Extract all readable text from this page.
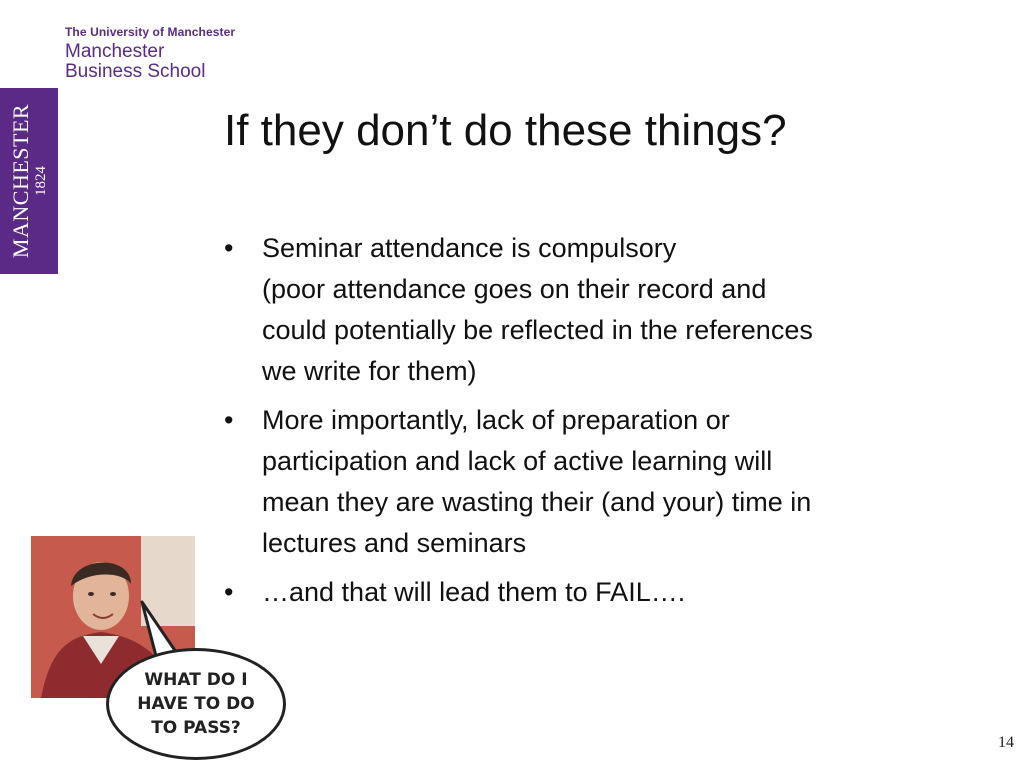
The University of Manchester
Manchester
Business School
MANCHESTER 1824
If they don’t do these things?
• Seminar attendance is compulsory
(poor attendance goes on their record and
could potentially be reflected in the references
we write for them)
• More importantly, lack of preparation or
participation and lack of active learning will
mean they are wasting their (and your) time in
lectures and seminars
• …and that will lead them to FAIL….
WHAT DO I
HAVE TO DO
TO PASS?
14
